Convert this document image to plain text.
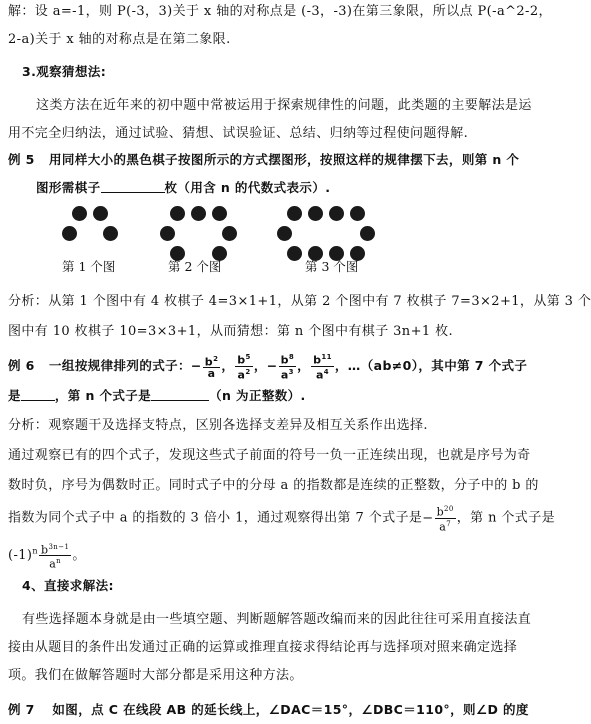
解：设 a=-1，则 P(-3，3)关于 x 轴的对称点是 (-3，-3)在第三象限，所以点 P(-a^2-2，
2-a)关于 x 轴的对称点是在第二象限.
3.观察猜想法:
这类方法在近年来的初中题中常被运用于探索规律性的问题，此类题的主要解法是运
用不完全归纳法，通过试验、猜想、试误验证、总结、归纳等过程使问题得解.
例 5 用同样大小的黑色棋子按图所示的方式摆图形，按照这样的规律摆下去，则第 n 个
图形需棋子	枚（用含 n 的代数式表示）.
第 1 个图	第 2 个图	第 3 个图
分析：从第 1 个图中有 4 枚棋子 4=3×1+1，从第 2 个图中有 7 枚棋子 7=3×2+1，从第 3 个
图中有 10 枚棋子 10=3×3+1，从而猜想：第 n 个图中有棋子 3n+1 枚.
例 6 一组按规律排列的式子：− $\frac{b^2}{a}$ ， $\frac{b^5}{a^2}$ ，− $\frac{b^8}{a^3}$ ， $\frac{b^{11}}{a^4}$ ，…（ab≠0），其中第 7 个式子
是	，第 n 个式子是	（n 为正整数）.
分析：观察题干及选择支特点，区别各选择支差异及相互关系作出选择.
通过观察已有的四个式子，发现这些式子前面的符号一负一正连续出现，也就是序号为奇
数时负，序号为偶数时正。同时式子中的分母 a 的指数都是连续的正整数，分子中的 b 的
指数为同个式子中 a 的指数的 3 倍小 1，通过观察得出第 7 个式子是− $\frac{b^{20}}{a^7}$ ，第 n 个式子是
$(-1)^n \frac{b^{3n-1}}{a^n}$ 。
4、直接求解法:
有些选择题本身就是由一些填空题、判断题解答题改编而来的因此往往可采用直接法直
接由从题目的条件出发通过正确的运算或推理直接求得结论再与选择项对照来确定选择
项。我们在做解答题时大部分都是采用这种方法。
例 7　 如图，点 C 在线段 AB 的延长线上，∠DAC＝15°，∠DBC＝110°，则∠D 的度
